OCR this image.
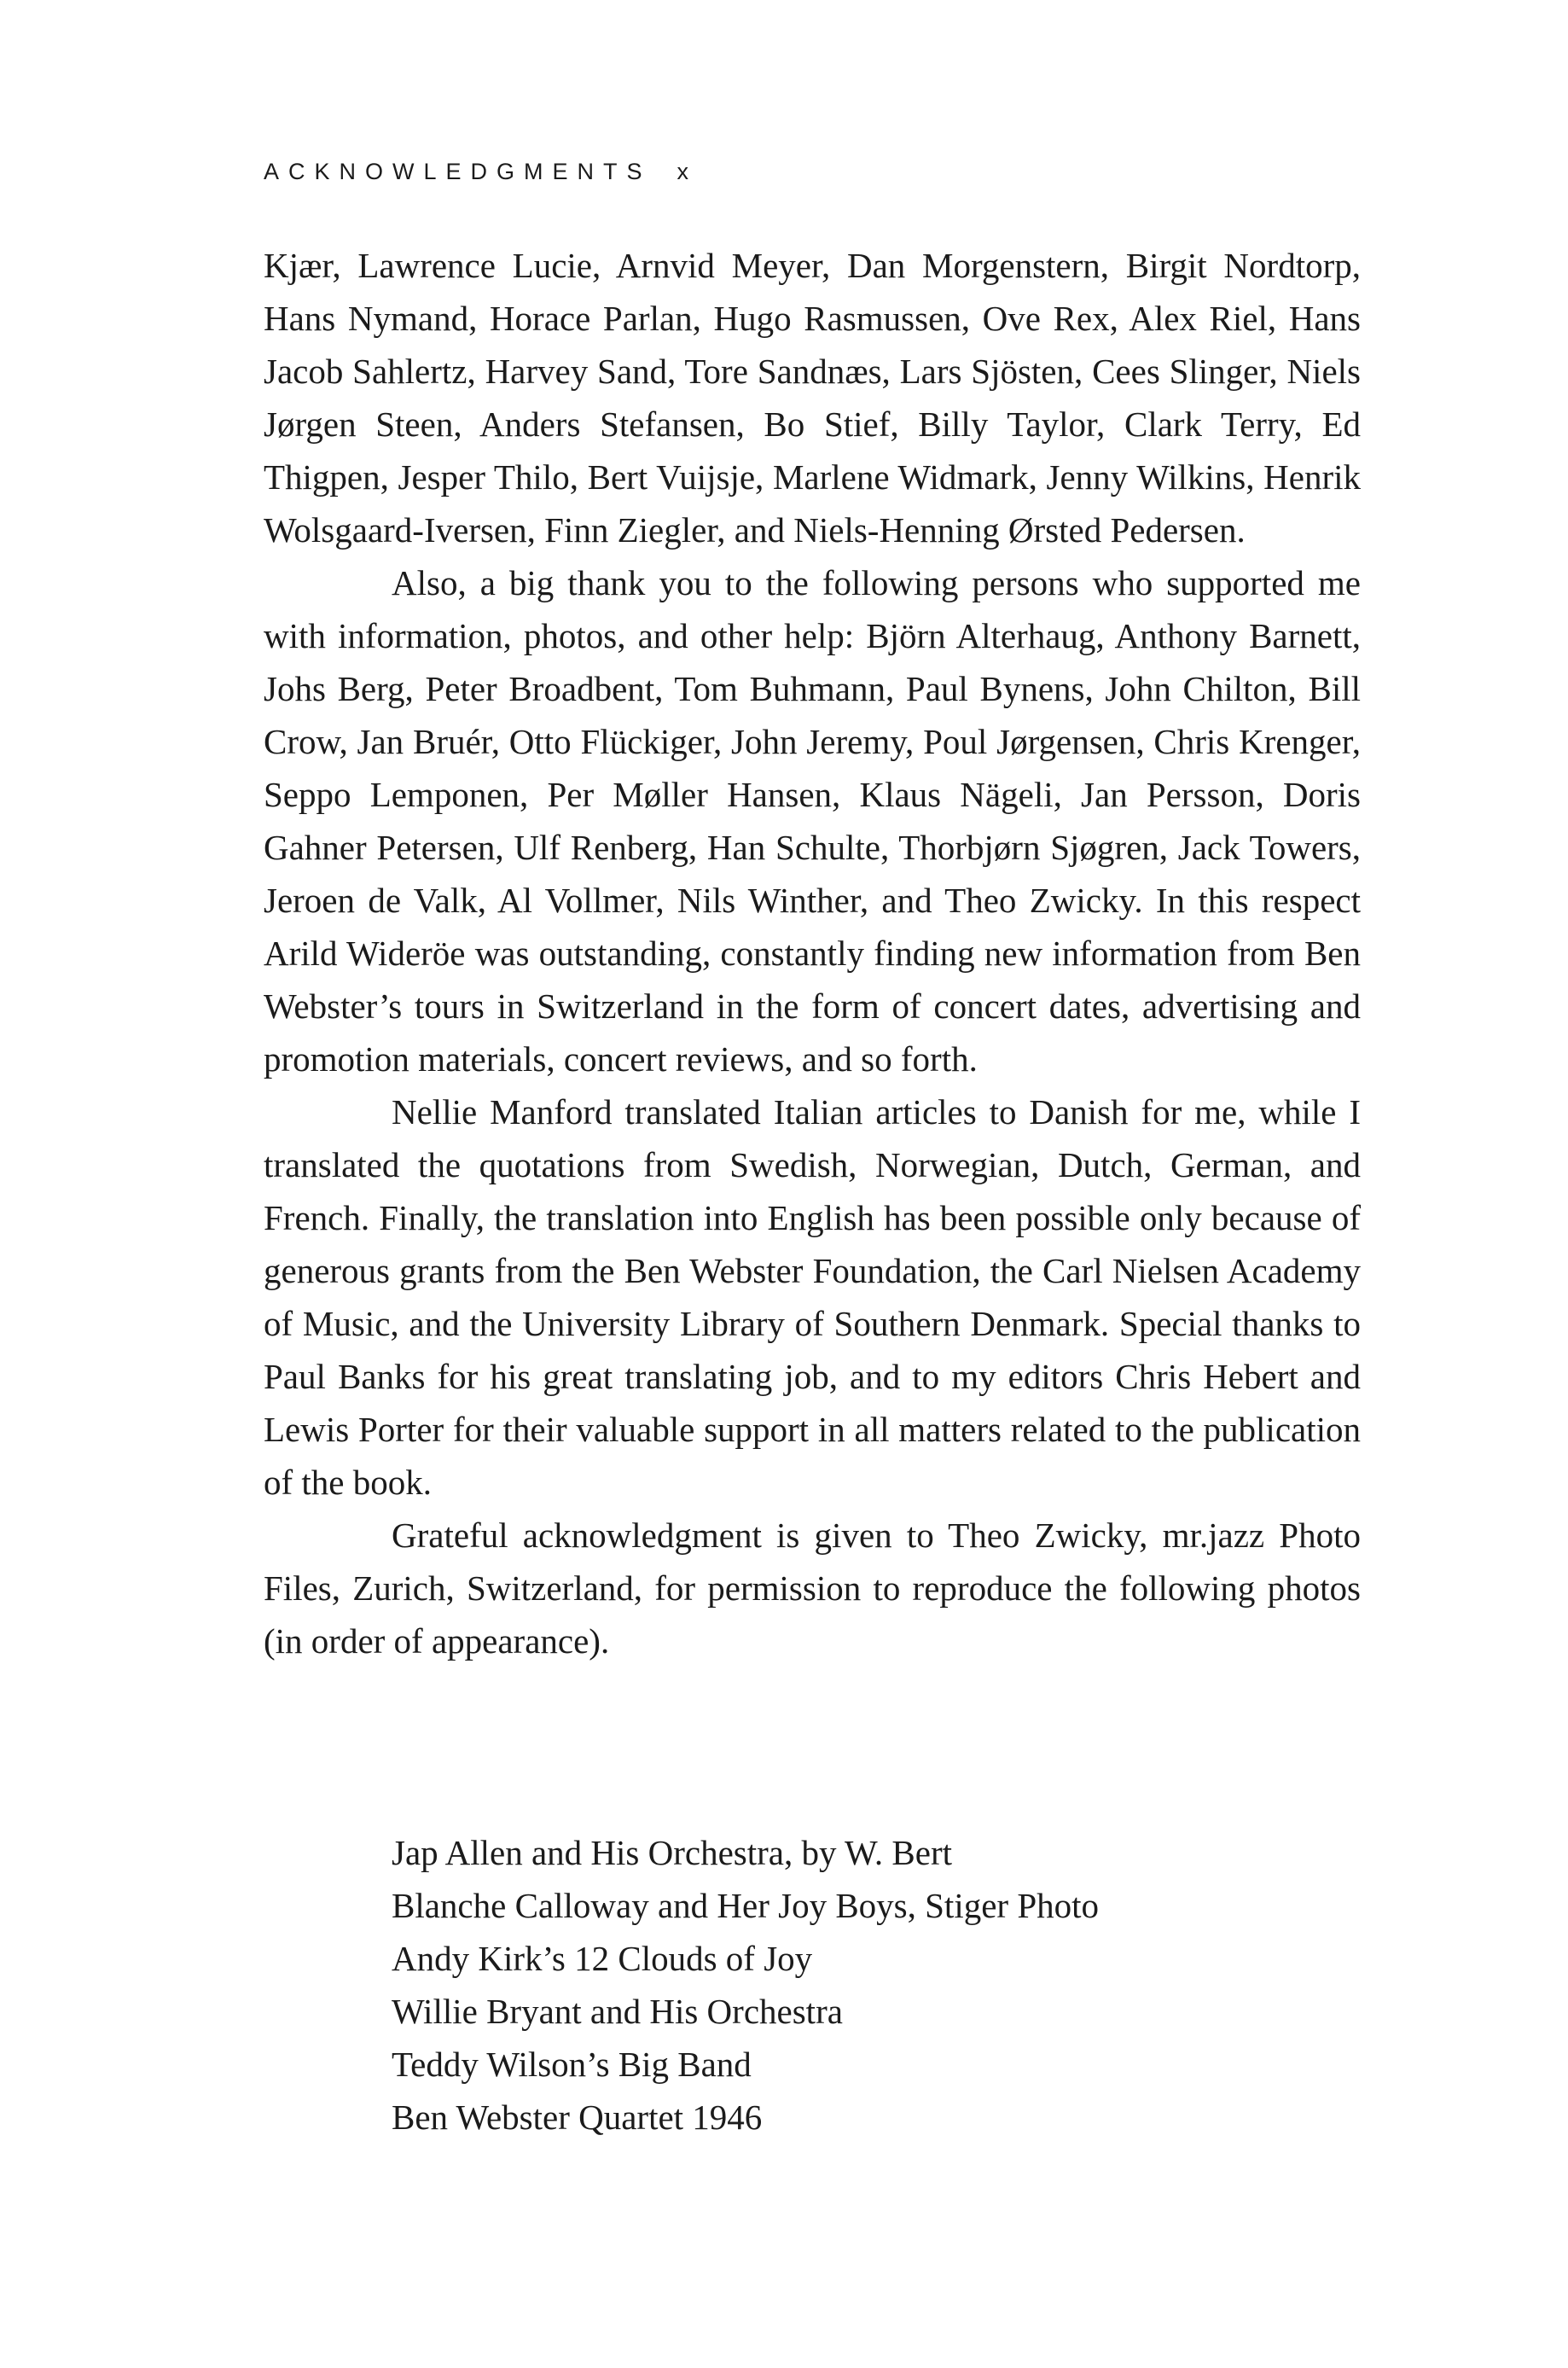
ACKNOWLEDGMENTS x

Kjær, Lawrence Lucie, Arnvid Meyer, Dan Morgenstern, Birgit Nordtorp, Hans Nymand, Horace Parlan, Hugo Rasmussen, Ove Rex, Alex Riel, Hans Jacob Sahlertz, Harvey Sand, Tore Sandnæs, Lars Sjösten, Cees Slinger, Niels Jørgen Steen, Anders Stefansen, Bo Stief, Billy Taylor, Clark Terry, Ed Thigpen, Jesper Thilo, Bert Vuijsje, Marlene Widmark, Jenny Wilkins, Henrik Wolsgaard-Iversen, Finn Ziegler, and Niels-Henning Ørsted Pedersen.

Also, a big thank you to the following persons who supported me with information, photos, and other help: Björn Alterhaug, Anthony Barnett, Johs Berg, Peter Broadbent, Tom Buhmann, Paul Bynens, John Chilton, Bill Crow, Jan Bruér, Otto Flückiger, John Jeremy, Poul Jørgensen, Chris Krenger, Seppo Lemponen, Per Møller Hansen, Klaus Nägeli, Jan Persson, Doris Gahner Petersen, Ulf Renberg, Han Schulte, Thorbjørn Sjøgren, Jack Towers, Jeroen de Valk, Al Vollmer, Nils Winther, and Theo Zwicky. In this respect Arild Wideröe was outstanding, constantly finding new information from Ben Webster’s tours in Switzerland in the form of concert dates, advertising and promotion materials, concert reviews, and so forth.

Nellie Manford translated Italian articles to Danish for me, while I translated the quotations from Swedish, Norwegian, Dutch, German, and French. Finally, the translation into English has been possible only because of generous grants from the Ben Webster Foundation, the Carl Nielsen Academy of Music, and the University Library of Southern Denmark. Special thanks to Paul Banks for his great translating job, and to my editors Chris Hebert and Lewis Porter for their valuable support in all matters related to the publication of the book.

Grateful acknowledgment is given to Theo Zwicky, mr.jazz Photo Files, Zurich, Switzerland, for permission to reproduce the following photos (in order of appearance).

Jap Allen and His Orchestra, by W. Bert
Blanche Calloway and Her Joy Boys, Stiger Photo
Andy Kirk’s 12 Clouds of Joy
Willie Bryant and His Orchestra
Teddy Wilson’s Big Band
Ben Webster Quartet 1946
